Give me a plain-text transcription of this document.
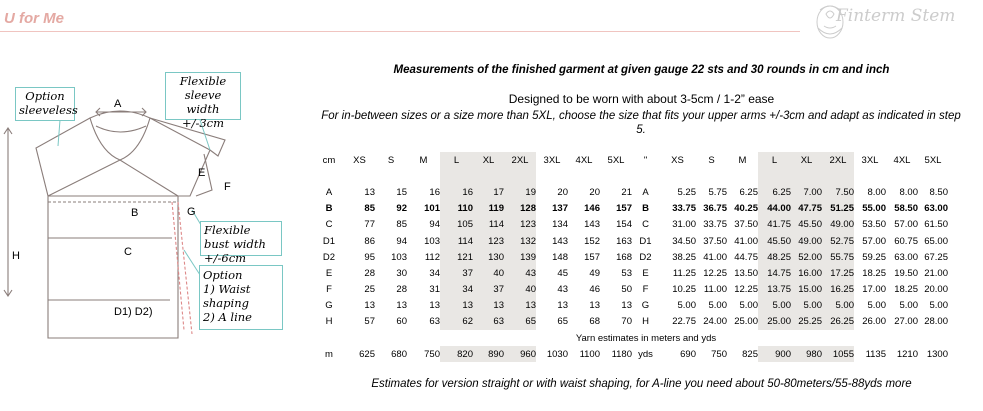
U for Me	Finterm Stem
A
B
C
E
F
G
H
D1) D2)
Option sleeveless
Flexible sleeve width +/-3cm
Flexible bust width +/-6cm
Option
1) Waist
shaping
2) A line
Measurements of the finished garment at given gauge 22 sts and 30 rounds in cm and inch
Designed to be worn with about 3-5cm / 1-2” ease
For in-between sizes or a size more than 5XL, choose the size that fits your upper arms +/-3cm and adapt as indicated in step 5.
cm	XS	S	M	L	XL	2XL	3XL	4XL	5XL	"	XS	S	M	L	XL	2XL	3XL	4XL	5XL

A	13	15	16	16	17	19	20	20	21	A	5.25	5.75	6.25	6.25	7.00	7.50	8.00	8.00	8.50
B	85	92	101	110	119	128	137	146	157	B	33.75	36.75	40.25	44.00	47.75	51.25	55.00	58.50	63.00
C	77	85	94	105	114	123	134	143	154	C	31.00	33.75	37.50	41.75	45.50	49.00	53.50	57.00	61.50
D1	86	94	103	114	123	132	143	152	163	D1	34.50	37.50	41.00	45.50	49.00	52.75	57.00	60.75	65.00
D2	95	103	112	121	130	139	148	157	168	D2	38.25	41.00	44.75	48.25	52.00	55.75	59.25	63.00	67.25
E	28	30	34	37	40	43	45	49	53	E	11.25	12.25	13.50	14.75	16.00	17.25	18.25	19.50	21.00
F	25	28	31	34	37	40	43	46	50	F	10.25	11.00	12.25	13.75	15.00	16.25	17.00	18.25	20.00
G	13	13	13	13	13	13	13	13	13	G	5.00	5.00	5.00	5.00	5.00	5.00	5.00	5.00	5.00
H	57	60	63	62	63	65	65	68	70	H	22.75	24.00	25.00	25.00	25.25	26.25	26.00	27.00	28.00
	Yarn estimates in meters and yds																		
m	625	680	750	820	890	960	1030	1100	1180	yds	690	750	825	900	980	1055	1135	1210	1300
Estimates for version straight or with waist shaping, for A-line you need about 50-80meters/55-88yds more
